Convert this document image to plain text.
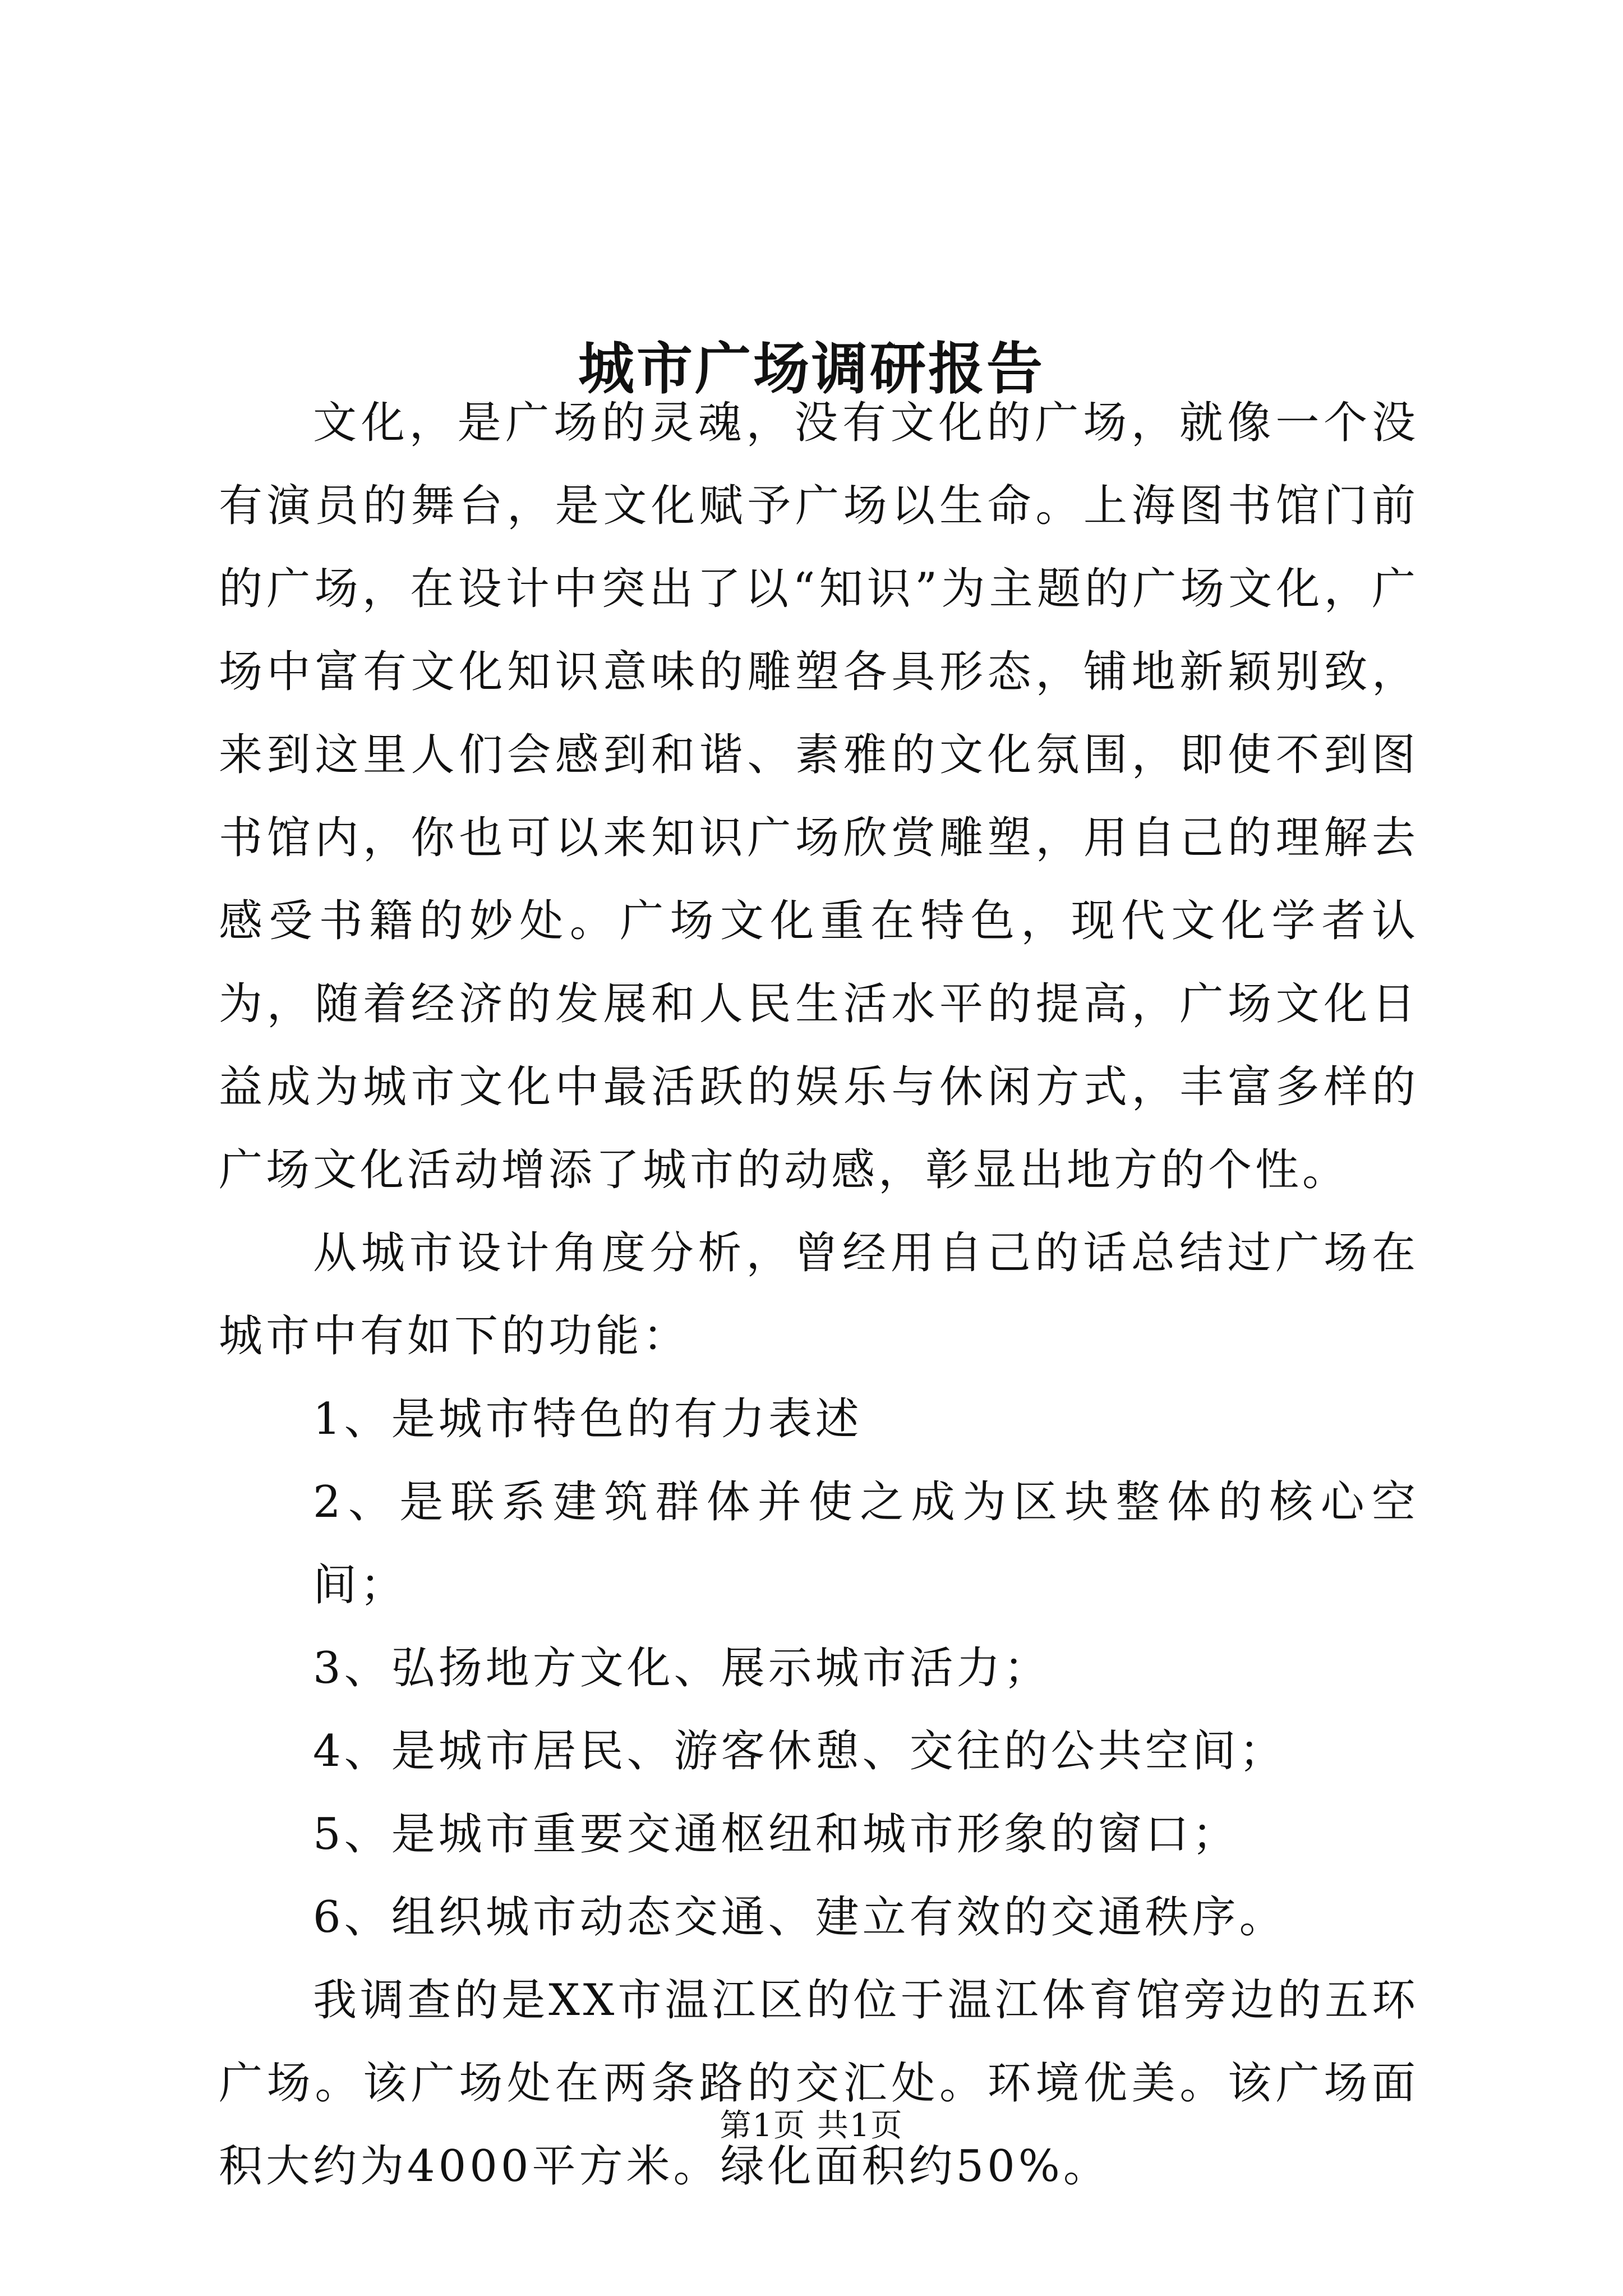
城市广场调研报告

文化，是广场的灵魂，没有文化的广场，就像一个没有演员的舞台，是文化赋予广场以生命。上海图书馆门前的广场，在设计中突出了以“知识”为主题的广场文化，广场中富有文化知识意味的雕塑各具形态，铺地新颖别致，来到这里人们会感到和谐、素雅的文化氛围，即使不到图书馆内，你也可以来知识广场欣赏雕塑，用自己的理解去感受书籍的妙处。广场文化重在特色，现代文化学者认为，随着经济的发展和人民生活水平的提高，广场文化日益成为城市文化中最活跃的娱乐与休闲方式，丰富多样的广场文化活动增添了城市的动感，彰显出地方的个性。

从城市设计角度分析，曾经用自己的话总结过广场在城市中有如下的功能：

1、是城市特色的有力表述
2、是联系建筑群体并使之成为区块整体的核心空间；
3、弘扬地方文化、展示城市活力；
4、是城市居民、游客休憩、交往的公共空间；
5、是城市重要交通枢纽和城市形象的窗口；
6、组织城市动态交通、建立有效的交通秩序。

我调查的是XX市温江区的位于温江体育馆旁边的五环广场。该广场处在两条路的交汇处。环境优美。该广场面积大约为4000平方米。绿化面积约50%。

第1页 共1页
